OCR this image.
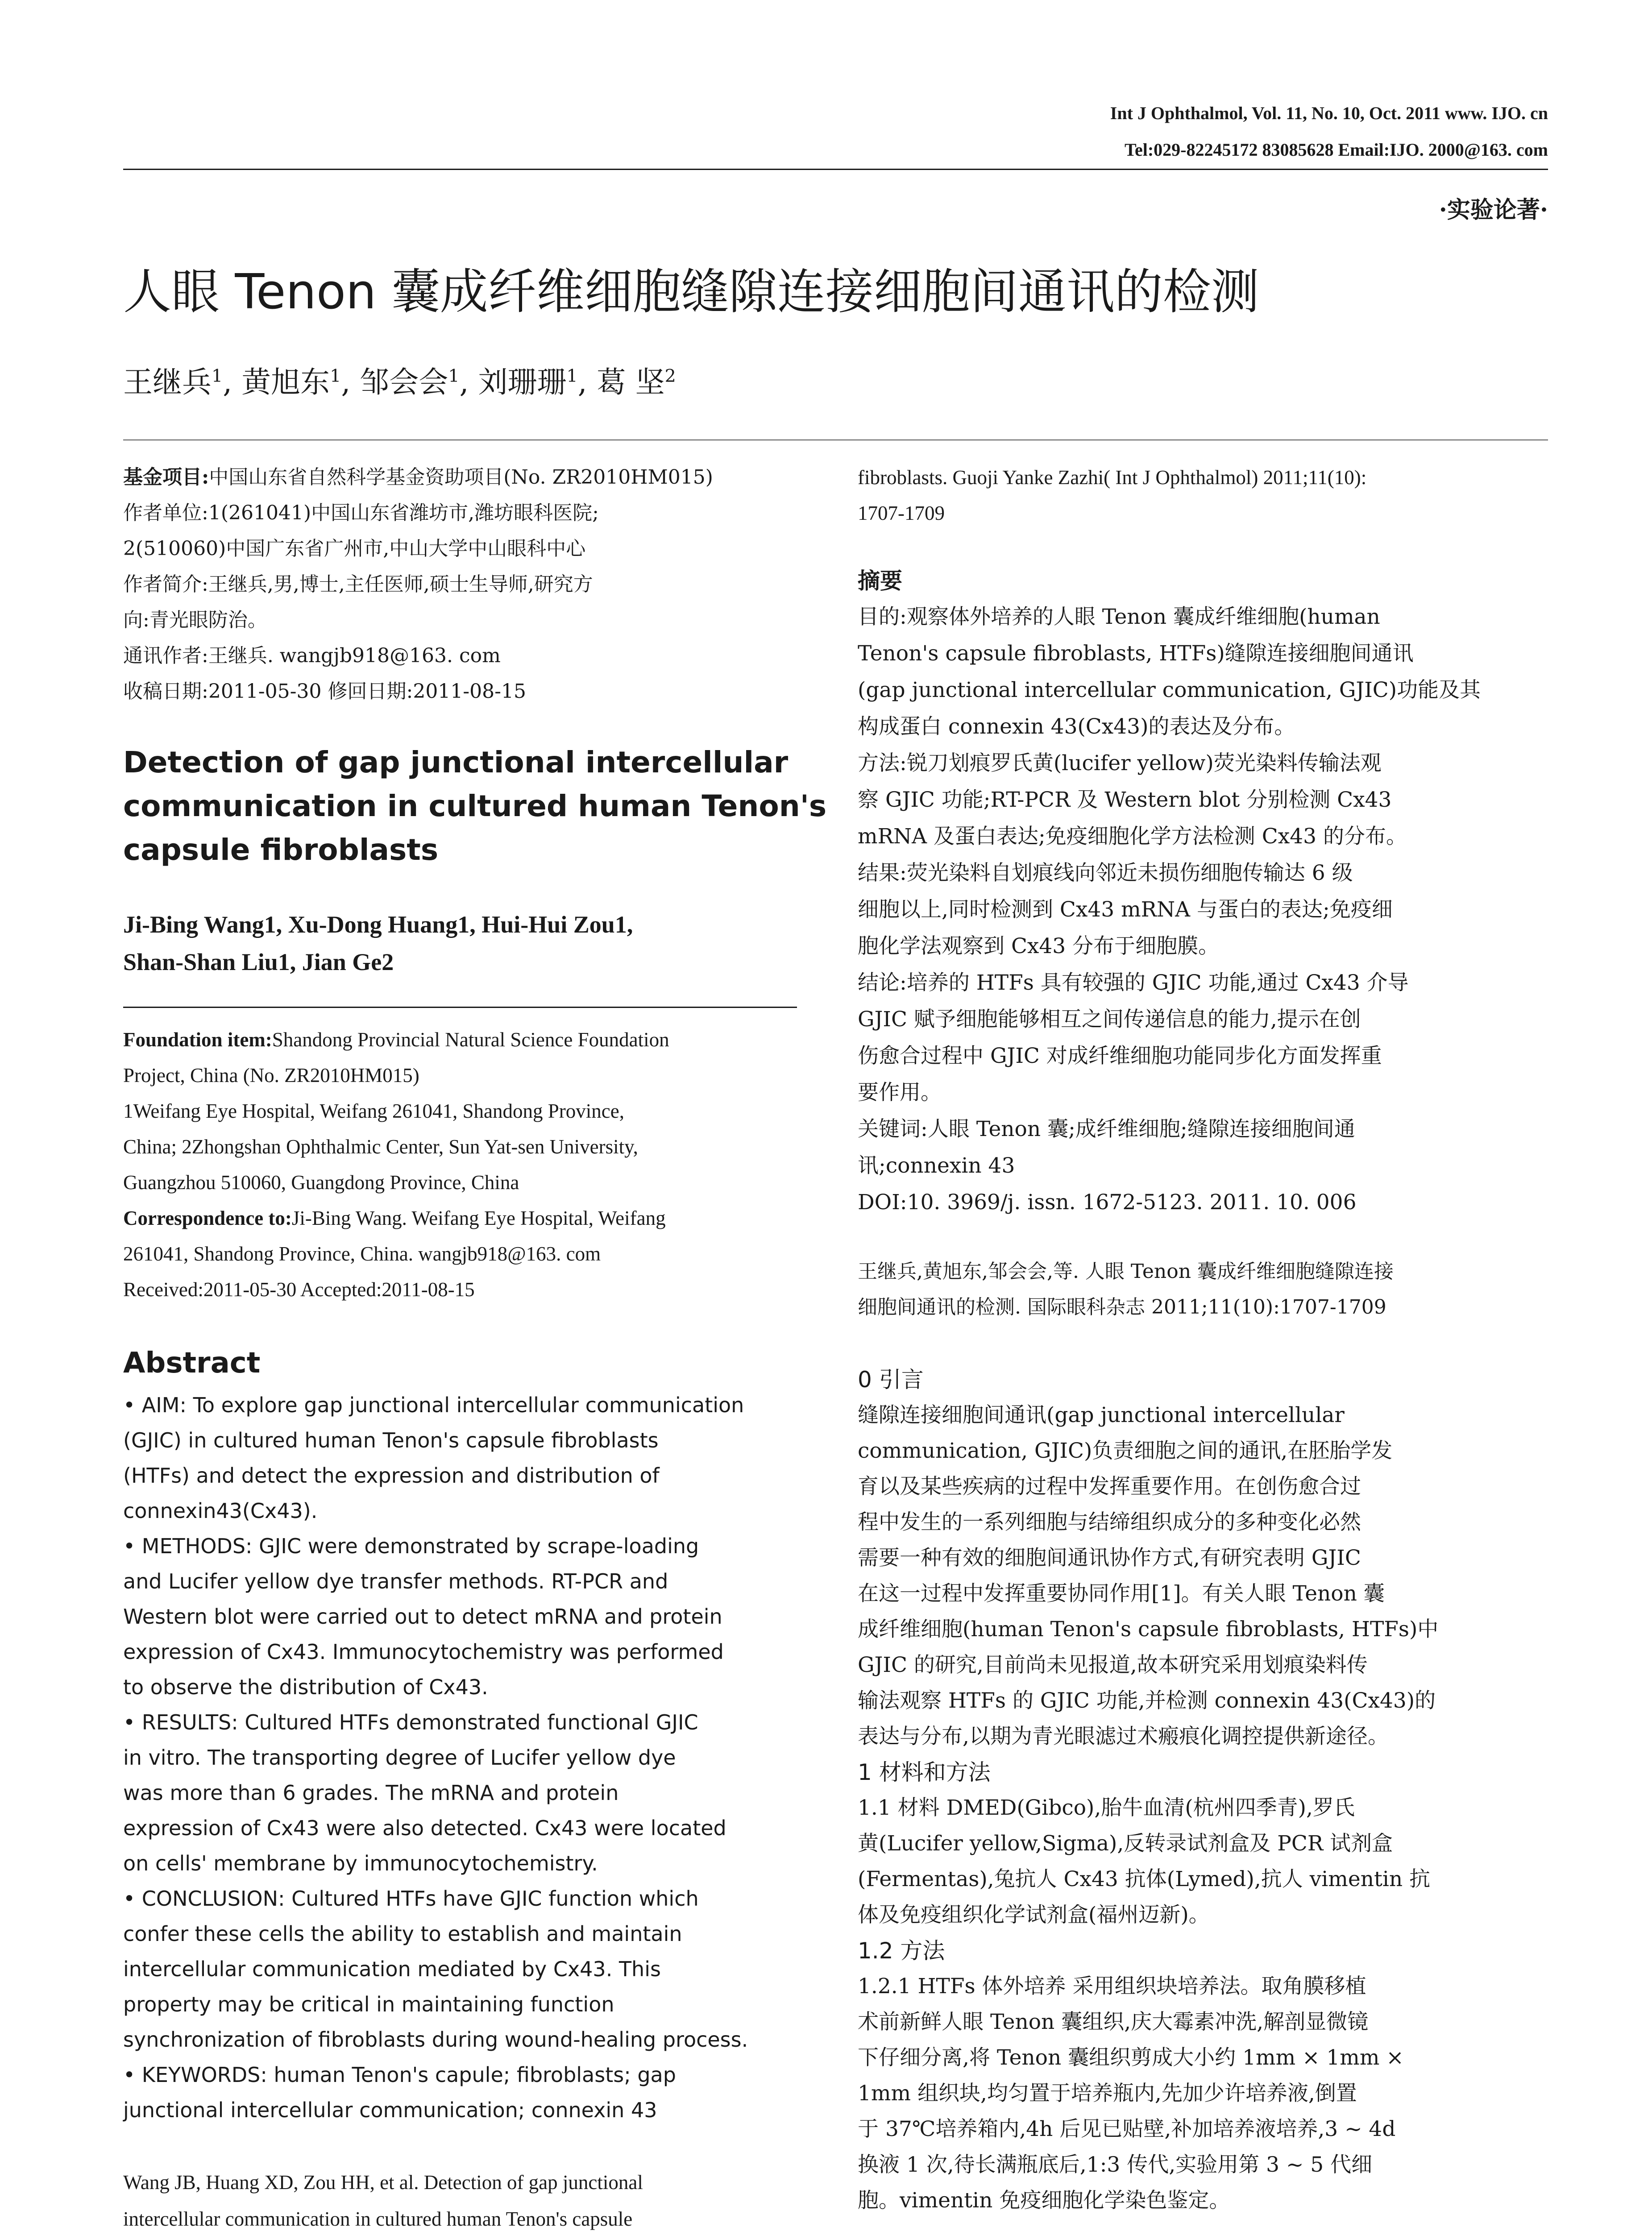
Int J Ophthalmol, Vol. 11, No. 10, Oct. 2011 www. IJO. cn
Tel:029-82245172 83085628 Email:IJO. 2000@163. com
·实验论著·
人眼 Tenon 囊成纤维细胞缝隙连接细胞间通讯的检测
王继兵$^1$, 黄旭东$^1$, 邹会会$^1$, 刘珊珊$^1$, 葛 坚$^2$
基金项目:中国山东省自然科学基金资助项目(No. ZR2010HM015)
作者单位:1(261041)中国山东省潍坊市,潍坊眼科医院;
2(510060)中国广东省广州市,中山大学中山眼科中心
作者简介:王继兵,男,博士,主任医师,硕士生导师,研究方
向:青光眼防治。
通讯作者:王继兵. wangjb918@163. com
收稿日期:2011-05-30 修回日期:2011-08-15
Detection of gap junctional intercellular
communication in cultured human Tenon's
capsule fibroblasts
Ji-Bing Wang1, Xu-Dong Huang1, Hui-Hui Zou1,
Shan-Shan Liu1, Jian Ge2
Foundation item:Shandong Provincial Natural Science Foundation
Project, China (No. ZR2010HM015)
1Weifang Eye Hospital, Weifang 261041, Shandong Province,
China; 2Zhongshan Ophthalmic Center, Sun Yat-sen University,
Guangzhou 510060, Guangdong Province, China
Correspondence to:Ji-Bing Wang. Weifang Eye Hospital, Weifang
261041, Shandong Province, China. wangjb918@163. com
Received:2011-05-30 Accepted:2011-08-15
Abstract
• AIM: To explore gap junctional intercellular communication
(GJIC) in cultured human Tenon's capsule fibroblasts
(HTFs) and detect the expression and distribution of
connexin43(Cx43).
• METHODS: GJIC were demonstrated by scrape-loading
and Lucifer yellow dye transfer methods. RT-PCR and
Western blot were carried out to detect mRNA and protein
expression of Cx43. Immunocytochemistry was performed
to observe the distribution of Cx43.
• RESULTS: Cultured HTFs demonstrated functional GJIC
in vitro. The transporting degree of Lucifer yellow dye
was more than 6 grades. The mRNA and protein
expression of Cx43 were also detected. Cx43 were located
on cells' membrane by immunocytochemistry.
• CONCLUSION: Cultured HTFs have GJIC function which
confer these cells the ability to establish and maintain
intercellular communication mediated by Cx43. This
property may be critical in maintaining function
synchronization of fibroblasts during wound-healing process.
• KEYWORDS: human Tenon's capule; fibroblasts; gap
junctional intercellular communication; connexin 43
Wang JB, Huang XD, Zou HH, et al. Detection of gap junctional
intercellular communication in cultured human Tenon's capsule
fibroblasts. Guoji Yanke Zazhi( Int J Ophthalmol) 2011;11(10):
1707-1709
摘要
目的:观察体外培养的人眼 Tenon 囊成纤维细胞(human
Tenon's capsule fibroblasts, HTFs)缝隙连接细胞间通讯
(gap junctional intercellular communication, GJIC)功能及其
构成蛋白 connexin 43(Cx43)的表达及分布。
方法:锐刀划痕罗氏黄(lucifer yellow)荧光染料传输法观
察 GJIC 功能;RT-PCR 及 Western blot 分别检测 Cx43
mRNA 及蛋白表达;免疫细胞化学方法检测 Cx43 的分布。
结果:荧光染料自划痕线向邻近未损伤细胞传输达 6 级
细胞以上,同时检测到 Cx43 mRNA 与蛋白的表达;免疫细
胞化学法观察到 Cx43 分布于细胞膜。
结论:培养的 HTFs 具有较强的 GJIC 功能,通过 Cx43 介导
GJIC 赋予细胞能够相互之间传递信息的能力,提示在创
伤愈合过程中 GJIC 对成纤维细胞功能同步化方面发挥重
要作用。
关键词:人眼 Tenon 囊;成纤维细胞;缝隙连接细胞间通
讯;connexin 43
DOI:10. 3969/j. issn. 1672-5123. 2011. 10. 006
王继兵,黄旭东,邹会会,等. 人眼 Tenon 囊成纤维细胞缝隙连接
细胞间通讯的检测. 国际眼科杂志 2011;11(10):1707-1709
0 引言
缝隙连接细胞间通讯(gap junctional intercellular
communication, GJIC)负责细胞之间的通讯,在胚胎学发
育以及某些疾病的过程中发挥重要作用。在创伤愈合过
程中发生的一系列细胞与结缔组织成分的多种变化必然
需要一种有效的细胞间通讯协作方式,有研究表明 GJIC
在这一过程中发挥重要协同作用[1]。有关人眼 Tenon 囊
成纤维细胞(human Tenon's capsule fibroblasts, HTFs)中
GJIC 的研究,目前尚未见报道,故本研究采用划痕染料传
输法观察 HTFs 的 GJIC 功能,并检测 connexin 43(Cx43)的
表达与分布,以期为青光眼滤过术瘢痕化调控提供新途径。
1 材料和方法
1.1 材料 DMED(Gibco),胎牛血清(杭州四季青),罗氏
黄(Lucifer yellow,Sigma),反转录试剂盒及 PCR 试剂盒
(Fermentas),兔抗人 Cx43 抗体(Lymed),抗人 vimentin 抗
体及免疫组织化学试剂盒(福州迈新)。
1.2 方法
1.2.1 HTFs 体外培养 采用组织块培养法。取角膜移植
术前新鲜人眼 Tenon 囊组织,庆大霉素冲洗,解剖显微镜
下仔细分离,将 Tenon 囊组织剪成大小约 1mm × 1mm ×
1mm 组织块,均匀置于培养瓶内,先加少许培养液,倒置
于 37℃培养箱内,4h 后见已贴壁,补加培养液培养,3 ~ 4d
换液 1 次,待长满瓶底后,1:3 传代,实验用第 3 ~ 5 代细
胞。vimentin 免疫细胞化学染色鉴定。
